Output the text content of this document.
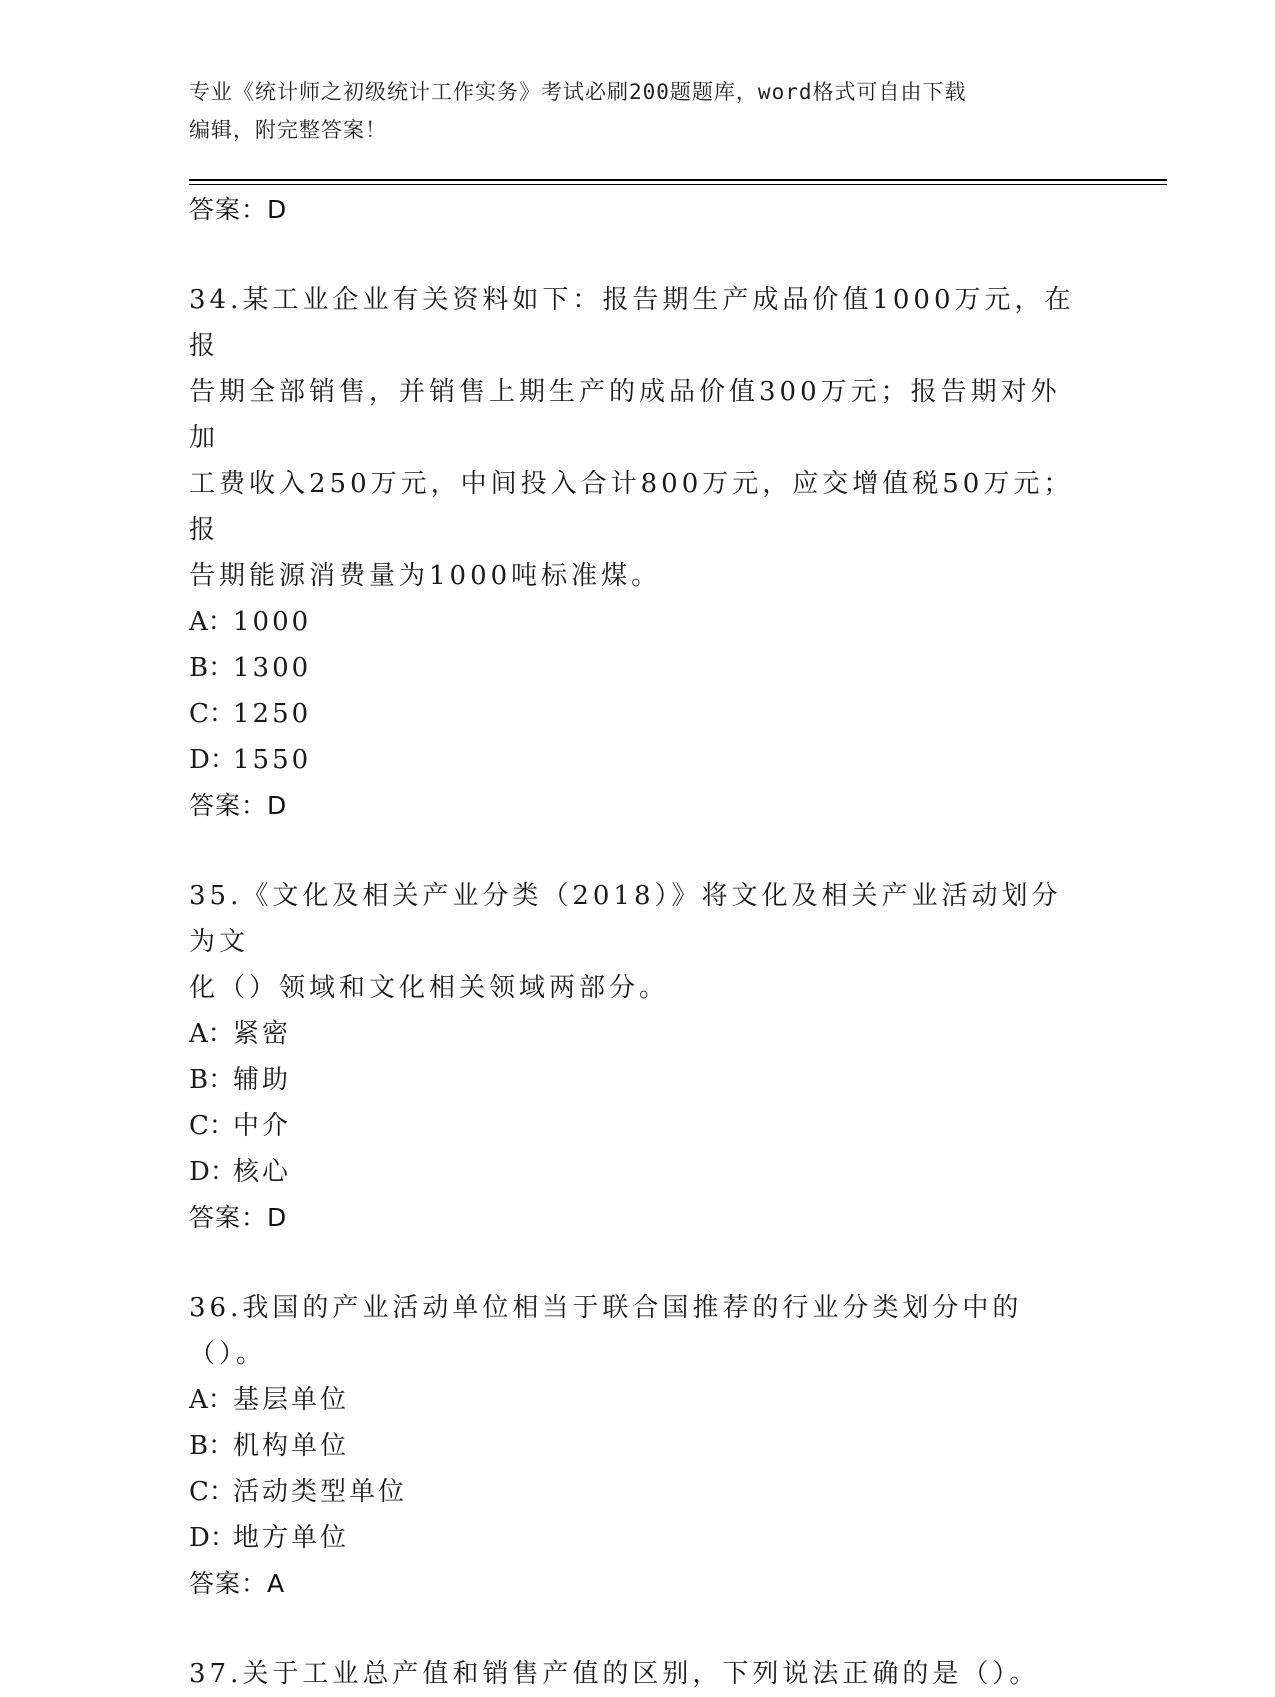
专业《统计师之初级统计工作实务》考试必刷200题题库，word格式可自由下载
编辑，附完整答案！
答案：D
34.某工业企业有关资料如下：报告期生产成品价值1000万元，在报
告期全部销售，并销售上期生产的成品价值300万元；报告期对外加
工费收入250万元，中间投入合计800万元，应交增值税50万元；报
告期能源消费量为1000吨标准煤。
A：1000
B：1300
C：1250
D：1550
答案：D
35.《文化及相关产业分类（2018）》将文化及相关产业活动划分为文
化（）领域和文化相关领域两部分。
A：紧密
B：辅助
C：中介
D：核心
答案：D
36.我国的产业活动单位相当于联合国推荐的行业分类划分中的（）。
A：基层单位
B：机构单位
C：活动类型单位
D：地方单位
答案：A
37.关于工业总产值和销售产值的区别，下列说法正确的是（）。
